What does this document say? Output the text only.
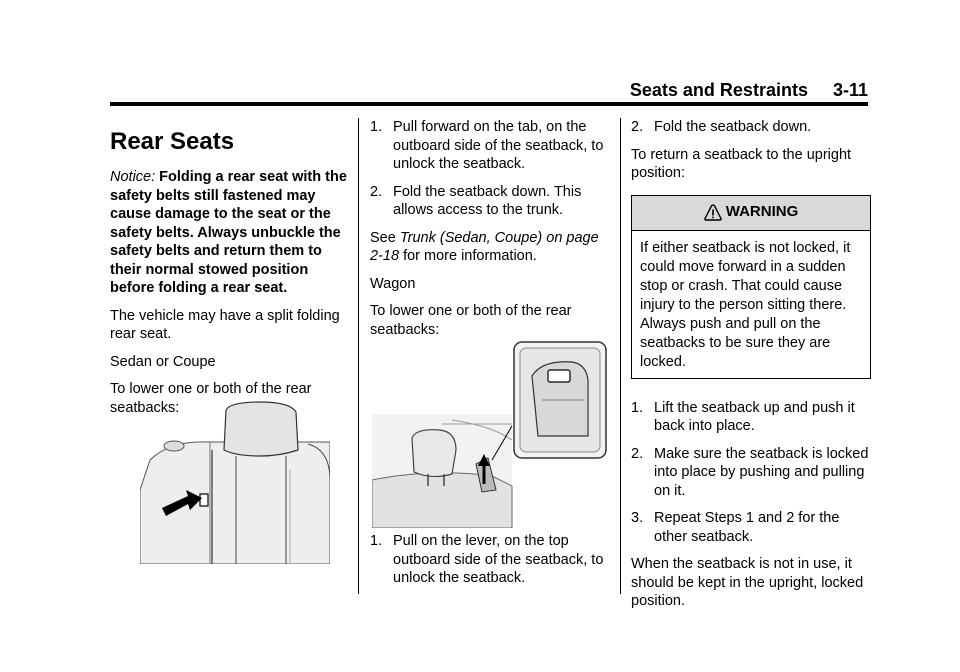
Seats and Restraints     3-11
Rear Seats

Notice: Folding a rear seat with the safety belts still fastened may cause damage to the seat or the safety belts. Always unbuckle the safety belts and return them to their normal stowed position before folding a rear seat.

The vehicle may have a split folding rear seat.

Sedan or Coupe

To lower one or both of the rear seatbacks:

1. Pull forward on the tab, on the outboard side of the seatback, to unlock the seatback.
2. Fold the seatback down. This allows access to the trunk.

See Trunk (Sedan, Coupe) on page 2-18 for more information.

Wagon

To lower one or both of the rear seatbacks:

1. Pull on the lever, on the top outboard side of the seatback, to unlock the seatback.
2. Fold the seatback down.

To return a seatback to the upright position:

WARNING
If either seatback is not locked, it could move forward in a sudden stop or crash. That could cause injury to the person sitting there. Always push and pull on the seatbacks to be sure they are locked.
1. Lift the seatback up and push it back into place.
2. Make sure the seatback is locked into place by pushing and pulling on it.
3. Repeat Steps 1 and 2 for the other seatback.

When the seatback is not in use, it should be kept in the upright, locked position.
